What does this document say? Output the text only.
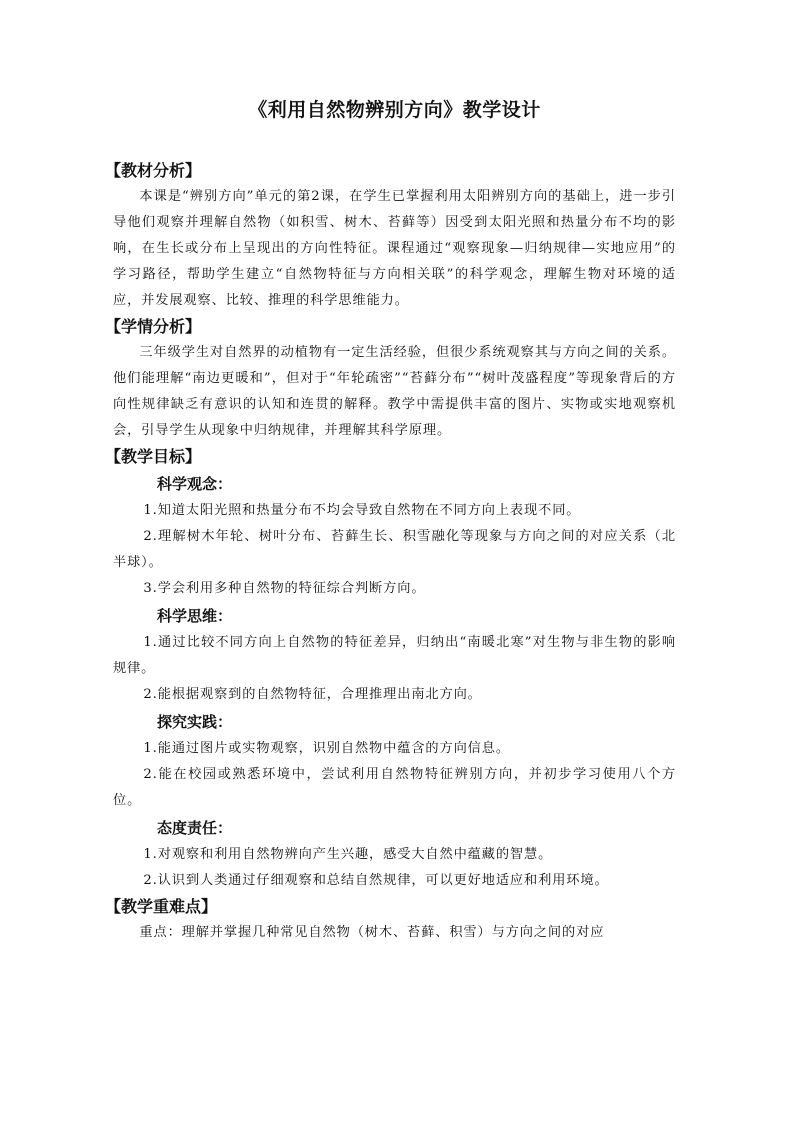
《利用自然物辨别方向》教学设计
【教材分析】

本课是“辨别方向”单元的第2课，在学生已掌握利用太阳辨别方向的基础上，进一步引导他们观察并理解自然物（如积雪、树木、苔藓等）因受到太阳光照和热量分布不均的影响，在生长或分布上呈现出的方向性特征。课程通过“观察现象—归纳规律—实地应用”的学习路径，帮助学生建立“自然物特征与方向相关联”的科学观念，理解生物对环境的适应，并发展观察、比较、推理的科学思维能力。

【学情分析】

三年级学生对自然界的动植物有一定生活经验，但很少系统观察其与方向之间的关系。他们能理解“南边更暖和”，但对于“年轮疏密”“苔藓分布”“树叶茂盛程度”等现象背后的方向性规律缺乏有意识的认知和连贯的解释。教学中需提供丰富的图片、实物或实地观察机会，引导学生从现象中归纳规律，并理解其科学原理。

【教学目标】
科学观念：

1.知道太阳光照和热量分布不均会导致自然物在不同方向上表现不同。

2.理解树木年轮、树叶分布、苔藓生长、积雪融化等现象与方向之间的对应关系（北半球）。

3.学会利用多种自然物的特征综合判断方向。

科学思维：

1.通过比较不同方向上自然物的特征差异，归纳出“南暖北寒”对生物与非生物的影响规律。

2.能根据观察到的自然物特征，合理推理出南北方向。

探究实践：

1.能通过图片或实物观察，识别自然物中蕴含的方向信息。

2.能在校园或熟悉环境中，尝试利用自然物特征辨别方向，并初步学习使用八个方位。

态度责任：

1.对观察和利用自然物辨向产生兴趣，感受大自然中蕴藏的智慧。

2.认识到人类通过仔细观察和总结自然规律，可以更好地适应和利用环境。

【教学重难点】

重点：理解并掌握几种常见自然物（树木、苔藓、积雪）与方向之间的对应
